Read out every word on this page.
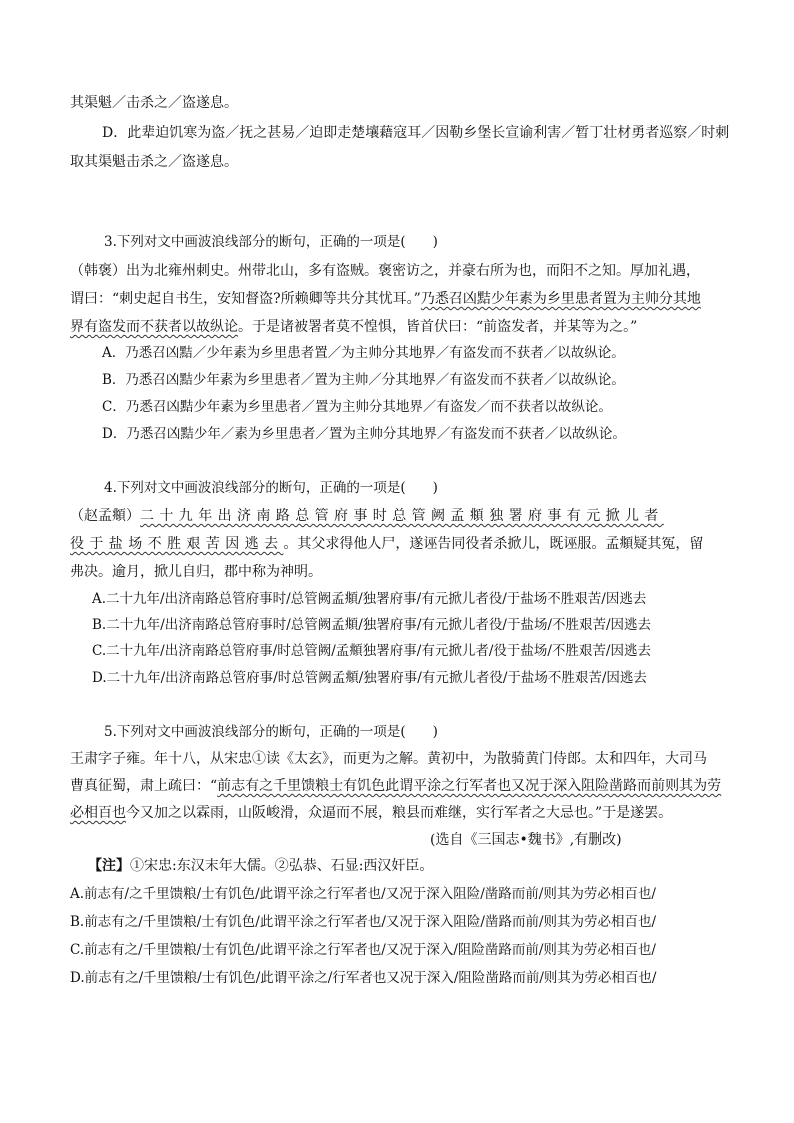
其渠魁／击杀之／盗遂息。
D．此辈迫饥寒为盗／抚之甚易／迫即走楚壤藉寇耳／因勒乡堡长宣谕利害／暂丁壮材勇者巡察／时刺
取其渠魁击杀之／盗遂息。
3.下列对文中画波浪线部分的断句，正确的一项是(　　)
（韩褒）出为北雍州刺史。州带北山，多有盗贼。褒密访之，并豪右所为也，而阳不之知。厚加礼遇，
谓曰：“刺史起自书生，安知督盗?所赖卿等共分其忧耳。”乃悉召凶黠少年素为乡里患者置为主帅分其地
界有盗发而不获者以故纵论。于是诸被署者莫不惶惧，皆首伏曰：“前盗发者，并某等为之。”
A．乃悉召凶黠／少年素为乡里患者置／为主帅分其地界／有盗发而不获者／以故纵论。
B．乃悉召凶黠少年素为乡里患者／置为主帅／分其地界／有盗发而不获者／以故纵论。
C．乃悉召凶黠少年素为乡里患者／置为主帅分其地界／有盗发／而不获者以故纵论。
D．乃悉召凶黠少年／素为乡里患者／置为主帅分其地界／有盗发而不获者／以故纵论。
4.下列对文中画波浪线部分的断句，正确的一项是(　　)
（赵孟頫）二十九年出济南路总管府事时总管阙孟頫独署府事有元掀儿者
役于盐场不胜艰苦因逃去。其父求得他人尸，遂诬告同役者杀掀儿，既诬服。孟頫疑其冤，留
弗决。逾月，掀儿自归，郡中称为神明。
A.二十九年/出济南路总管府事时/总管阙孟頫/独署府事/有元掀儿者役/于盐场不胜艰苦/因逃去
B.二十九年/出济南路总管府事时/总管阙孟頫/独署府事/有元掀儿者役/于盐场/不胜艰苦/因逃去
C.二十九年/出济南路总管府事/时总管阙/孟頫独署府事/有元掀儿者/役于盐场/不胜艰苦/因逃去
D.二十九年/出济南路总管府事/时总管阙孟頫/独署府事/有元掀儿者役/于盐场不胜艰苦/因逃去
5.下列对文中画波浪线部分的断句，正确的一项是(　　)
王肃字子雍。年十八，从宋忠①读《太玄》，而更为之解。黄初中，为散骑黄门侍郎。太和四年，大司马
曹真征蜀，肃上疏曰：“前志有之千里馈粮士有饥色此谓平涂之行军者也又况于深入阻险凿路而前则其为劳
必相百也今又加之以霖雨，山阪峻滑，众逼而不展，粮县而难继，实行军者之大忌也。”于是遂罢。
(选自《三国志•魏书》,有删改)
【注】①宋忠:东汉末年大儒。②弘恭、石显:西汉奸臣。
A.前志有/之千里馈粮/士有饥色/此谓平涂之行军者也/又况于深入阻险/凿路而前/则其为劳必相百也/
B.前志有之/千里馈粮/士有饥色/此谓平涂之行军者也/又况于深入阻险/凿路而前/则其为劳必相百也/
C.前志有之/千里馈粮/士有饥色/此谓平涂之行军者也/又况于深入/阻险凿路而前/则其为劳必相百也/
D.前志有之/千里馈粮/士有饥色/此谓平涂之/行军者也又况于深入/阻险凿路而前/则其为劳必相百也/
